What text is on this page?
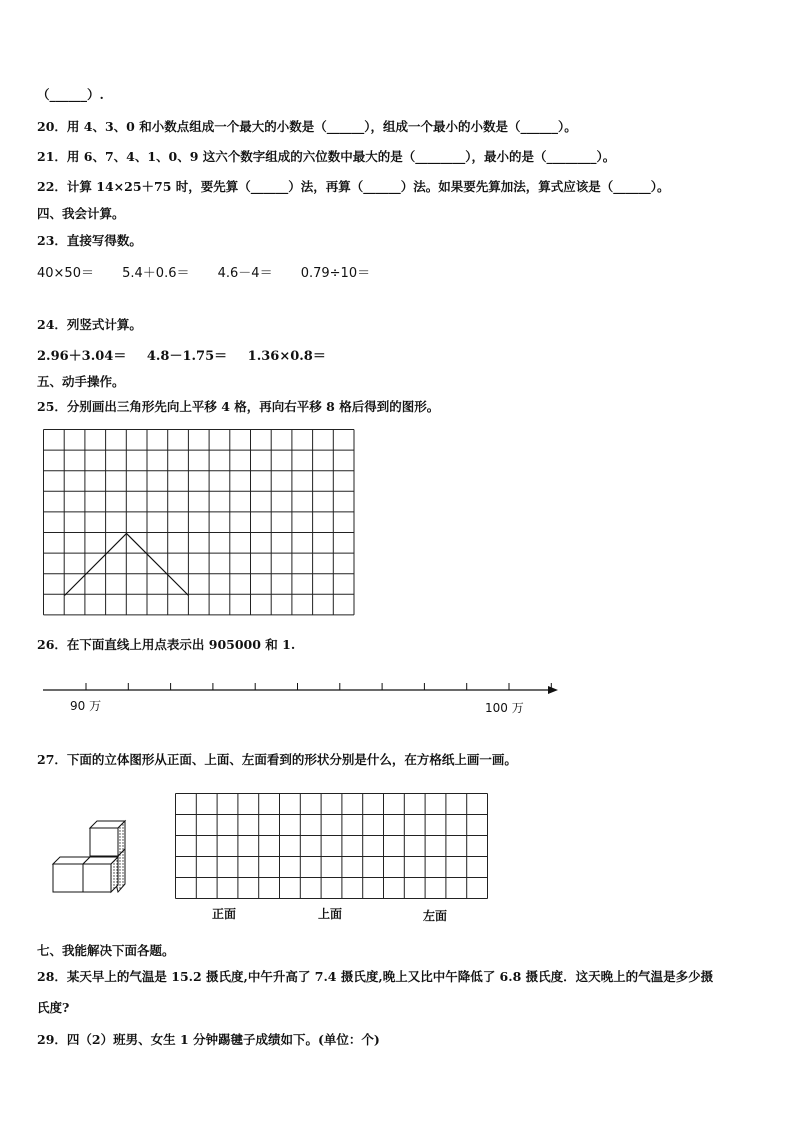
（______）.
20．用 4、3、0 和小数点组成一个最大的小数是（______），组成一个最小的小数是（______）。
21．用 6、7、4、1、0、9 这六个数字组成的六位数中最大的是（________），最小的是（________）。
22．计算 14×25＋75 时，要先算（______）法，再算（______）法。如果要先算加法，算式应该是（______）。
四、我会计算。
23．直接写得数。
40×50＝ 5.4＋0.6＝ 4.6－4＝ 0.79÷10＝
24．列竖式计算。
2.96＋3.04＝ 4.8－1.75＝ 1.36×0.8＝
五、动手操作。
25．分别画出三角形先向上平移 4 格，再向右平移 8 格后得到的图形。
26．在下面直线上用点表示出 905000 和 1.
90 万	100 万
27．下面的立体图形从正面、上面、左面看到的形状分别是什么，在方格纸上画一画。
正面	上面	左面
七、我能解决下面各题。
28．某天早上的气温是 15.2 摄氏度,中午升高了 7.4 摄氏度,晚上又比中午降低了 6.8 摄氏度．这天晚上的气温是多少摄
氏度?
29．四（2）班男、女生 1 分钟踢毽子成绩如下。(单位：个)
